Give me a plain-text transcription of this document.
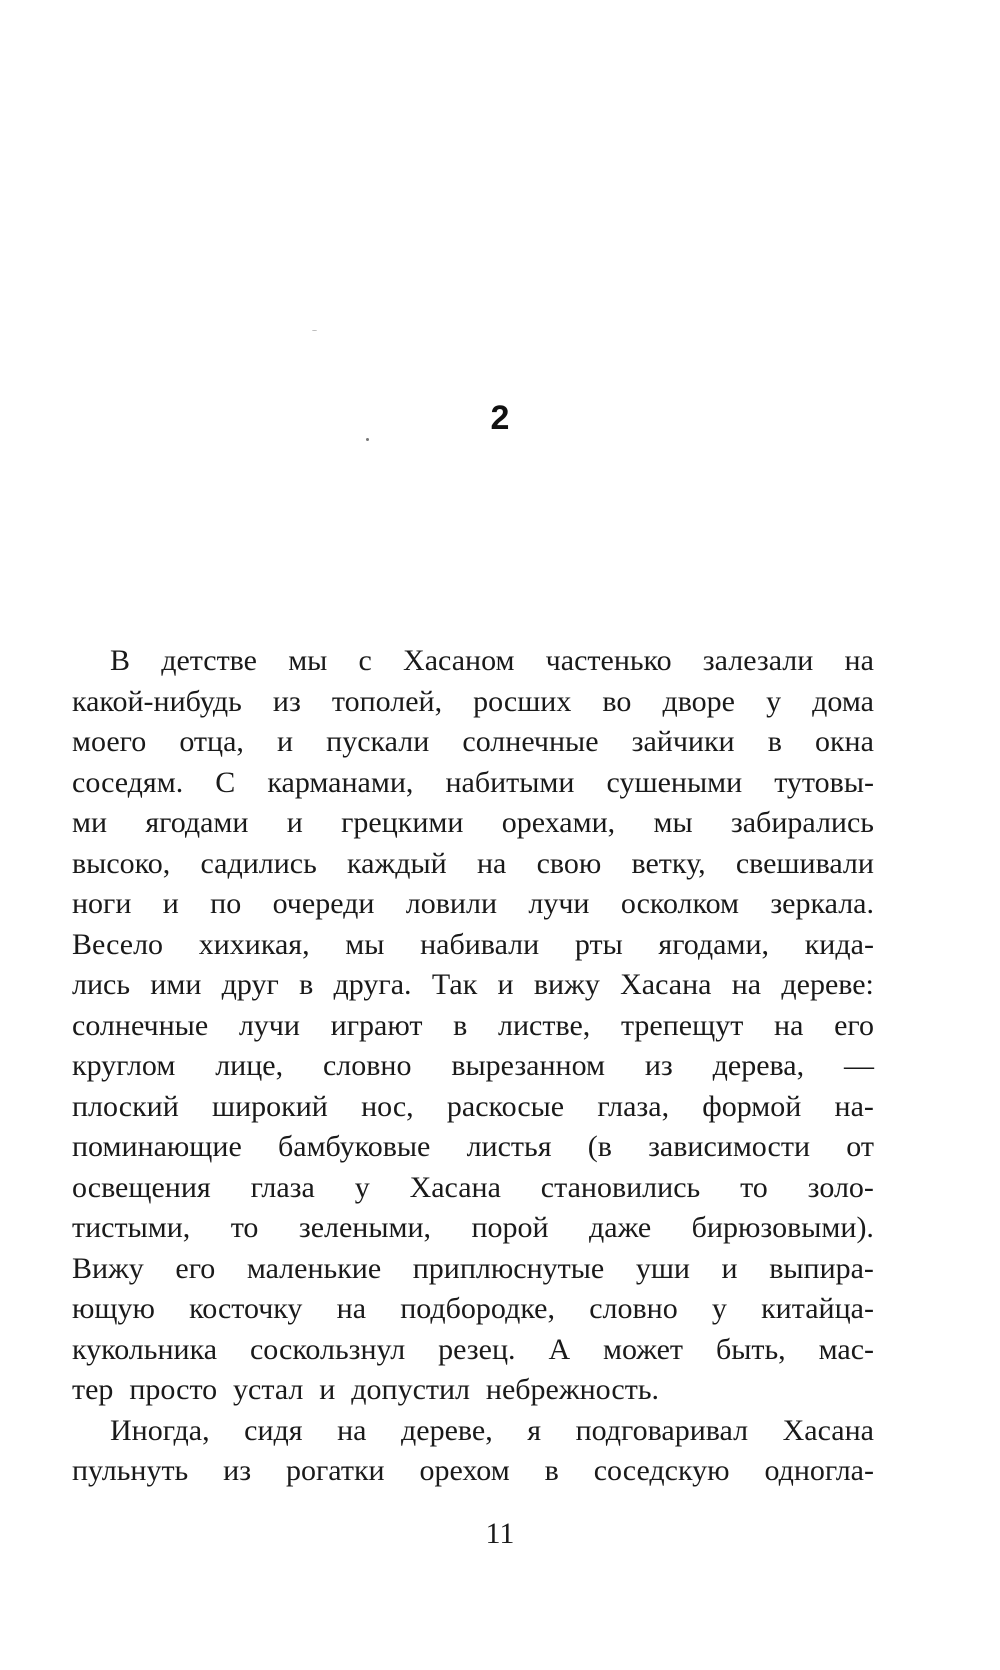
2
В детстве мы с Хасаном частенько залезали на
какой-нибудь из тополей, росших во дворе у дома
моего отца, и пускали солнечные зайчики в окна
соседям. С карманами, набитыми сушеными тутовы-
ми ягодами и грецкими орехами, мы забирались
высоко, садились каждый на свою ветку, свешивали
ноги и по очереди ловили лучи осколком зеркала.
Весело хихикая, мы набивали рты ягодами, кида-
лись ими друг в друга. Так и вижу Хасана на дереве:
солнечные лучи играют в листве, трепещут на его
круглом лице, словно вырезанном из дерева, —
плоский широкий нос, раскосые глаза, формой на-
поминающие бамбуковые листья (в зависимости от
освещения глаза у Хасана становились то золо-
тистыми, то зелеными, порой даже бирюзовыми).
Вижу его маленькие приплюснутые уши и выпира-
ющую косточку на подбородке, словно у китайца-
кукольника соскользнул резец. А может быть, мас-
тер просто устал и допустил небрежность.
Иногда, сидя на дереве, я подговаривал Хасана
пульнуть из рогатки орехом в соседскую одногла-
11
